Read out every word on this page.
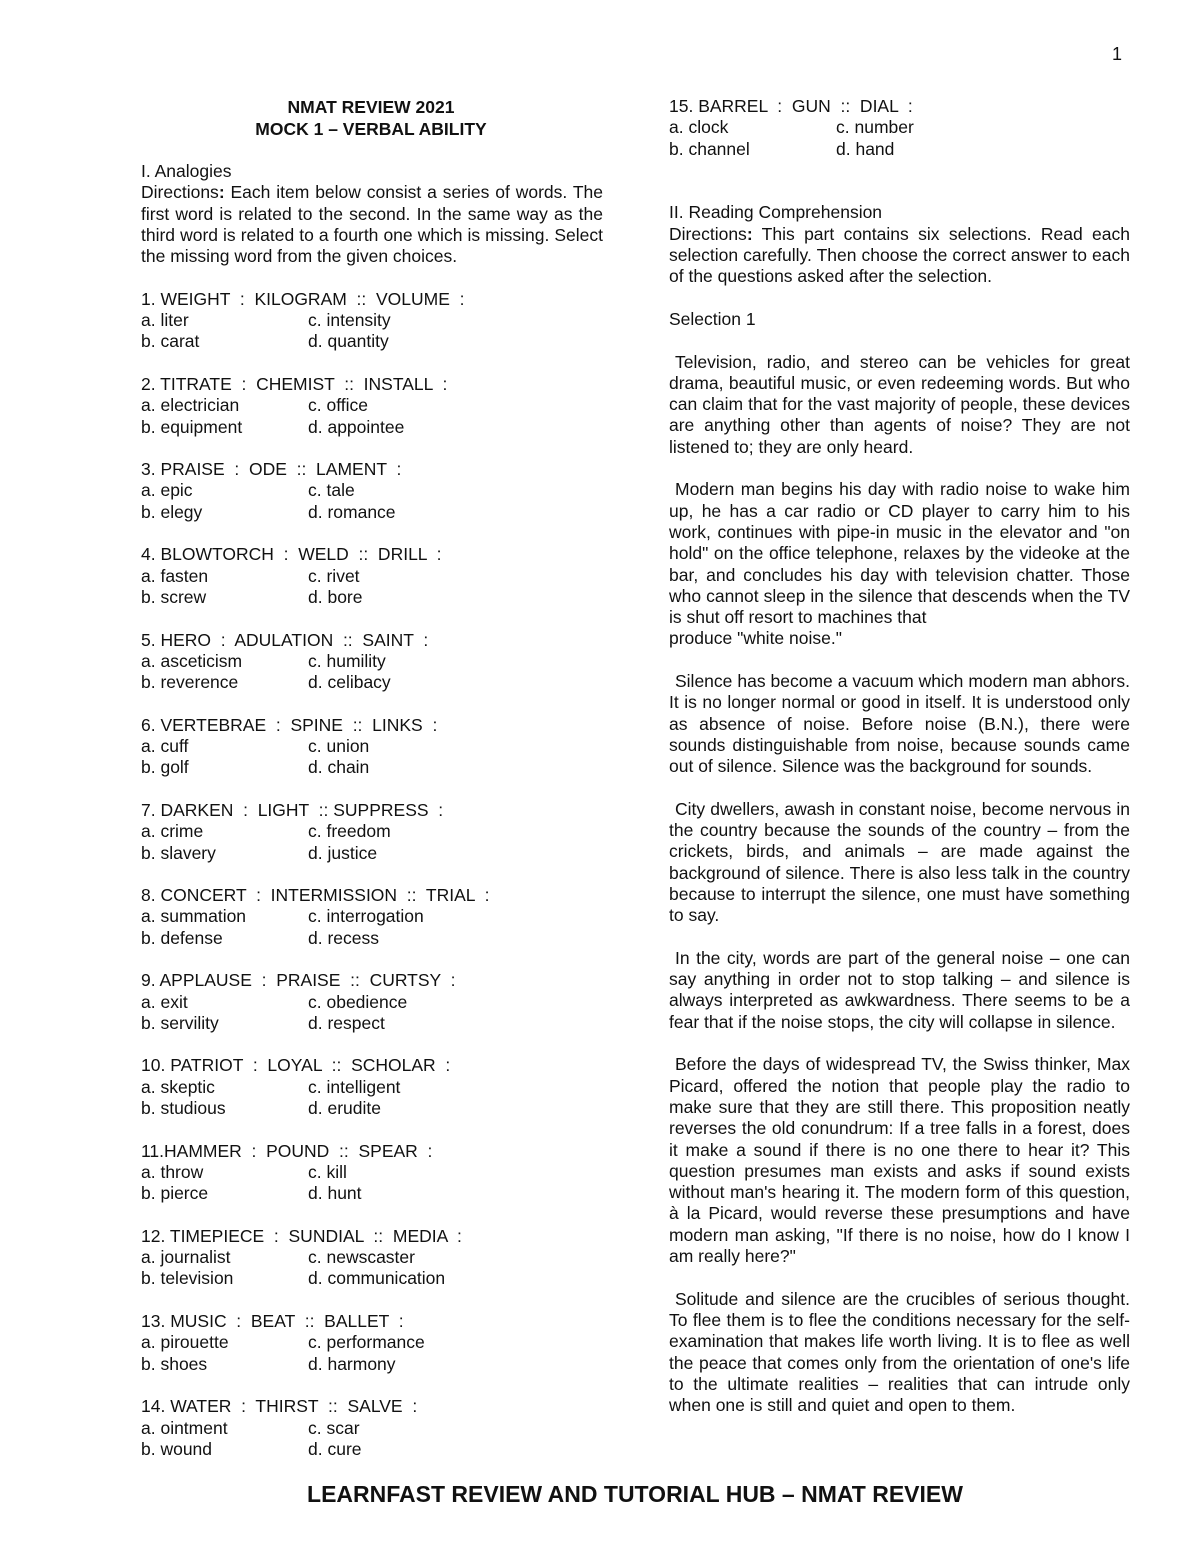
1
NMAT REVIEW 2021
MOCK 1 – VERBAL ABILITY
I. Analogies
Directions: Each item below consist a series of words. The first word is related to the second. In the same way as the third word is related to a fourth one which is missing. Select the missing word from the given choices.
1. WEIGHT  :  KILOGRAM  ::  VOLUME  :
a. liter	c. intensity
b. carat	d. quantity
2. TITRATE  :  CHEMIST  ::  INSTALL  :
a. electrician	c. office
b. equipment	d. appointee
3. PRAISE  :  ODE  ::  LAMENT  :
a. epic	c. tale
b. elegy	d. romance
4. BLOWTORCH  :  WELD  ::  DRILL  :
a. fasten	c. rivet
b. screw	d. bore
5. HERO  :  ADULATION  ::  SAINT  :
a. asceticism	c. humility
b. reverence	d. celibacy
6. VERTEBRAE  :  SPINE  ::  LINKS  :
a. cuff	c. union
b. golf	d. chain
7. DARKEN  :  LIGHT  :: SUPPRESS  :
a. crime	c. freedom
b. slavery	d. justice
8. CONCERT  :  INTERMISSION  ::  TRIAL  :
a. summation	c. interrogation
b. defense	d. recess
9. APPLAUSE  :  PRAISE  ::  CURTSY  :
a. exit	c. obedience
b. servility	d. respect
10. PATRIOT  :  LOYAL  ::  SCHOLAR  :
a. skeptic	c. intelligent
b. studious	d. erudite
11.HAMMER  :  POUND  ::  SPEAR  :
a. throw	c. kill
b. pierce	d. hunt
12. TIMEPIECE  :  SUNDIAL  ::  MEDIA  :
a. journalist	c. newscaster
b. television	d. communication
13. MUSIC  :  BEAT  ::  BALLET  :
a. pirouette	c. performance
b. shoes	d. harmony
14. WATER  :  THIRST  ::  SALVE  :
a. ointment	c. scar
b. wound	d. cure
15. BARREL  :  GUN  ::  DIAL  :
a. clock	c. number
b. channel	d. hand
II. Reading Comprehension
Directions: This part contains six selections. Read each selection carefully. Then choose the correct answer to each of the questions asked after the selection.
Selection 1
Television, radio, and stereo can be vehicles for great drama, beautiful music, or even redeeming words. But who can claim that for the vast majority of people, these devices are anything other than agents of noise? They are not listened to; they are only heard.
Modern man begins his day with radio noise to wake him up, he has a car radio or CD player to carry him to his work, continues with pipe-in music in the elevator and "on hold" on the office telephone, relaxes by the videoke at the bar, and concludes his day with television chatter. Those who cannot sleep in the silence that descends when the TV is shut off resort to machines that
produce "white noise."
Silence has become a vacuum which modern man abhors. It is no longer normal or good in itself. It is understood only as absence of noise. Before noise (B.N.), there were sounds distinguishable from noise, because sounds came out of silence. Silence was the background for sounds.
City dwellers, awash in constant noise, become nervous in the country because the sounds of the country – from the crickets, birds, and animals – are made against the background of silence. There is also less talk in the country because to interrupt the silence, one must have something to say.
In the city, words are part of the general noise – one can say anything in order not to stop talking – and silence is always interpreted as awkwardness. There seems to be a fear that if the noise stops, the city will collapse in silence.
Before the days of widespread TV, the Swiss thinker, Max Picard, offered the notion that people play the radio to make sure that they are still there. This proposition neatly reverses the old conundrum: If a tree falls in a forest, does it make a sound if there is no one there to hear it? This question presumes man exists and asks if sound exists without man's hearing it. The modern form of this question, à la Picard, would reverse these presumptions and have modern man asking, "If there is no noise, how do I know I am really here?"
Solitude and silence are the crucibles of serious thought. To flee them is to flee the conditions necessary for the self-examination that makes life worth living. It is to flee as well the peace that comes only from the orientation of one's life to the ultimate realities – realities that can intrude only when one is still and quiet and open to them.
LEARNFAST REVIEW AND TUTORIAL HUB – NMAT REVIEW
